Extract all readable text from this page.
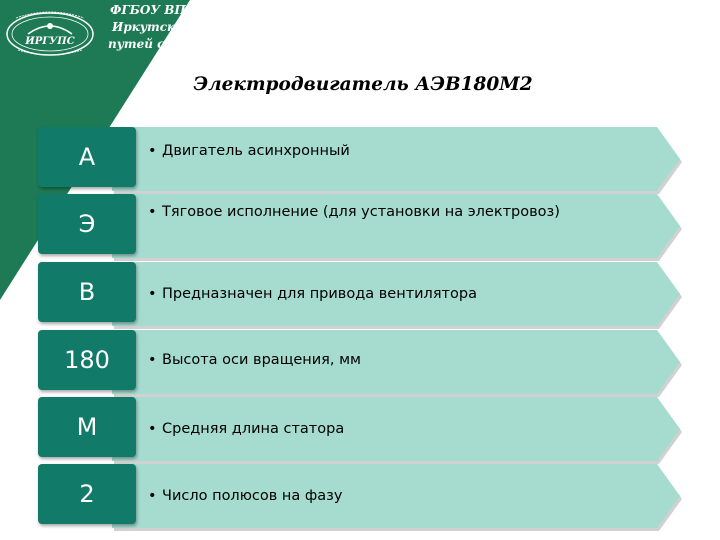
ИРГУПС
ФГБОУ ВПО
Иркутский государственный университет
путей сообщения
Электродвигатель АЭВ180М2
А	• Двигатель асинхронный
Э	• Тяговое исполнение (для установки на электровоз)
В	• Предназначен для привода вентилятора
180	• Высота оси вращения, мм
М	• Средняя длина статора
2	• Число полюсов на фазу
